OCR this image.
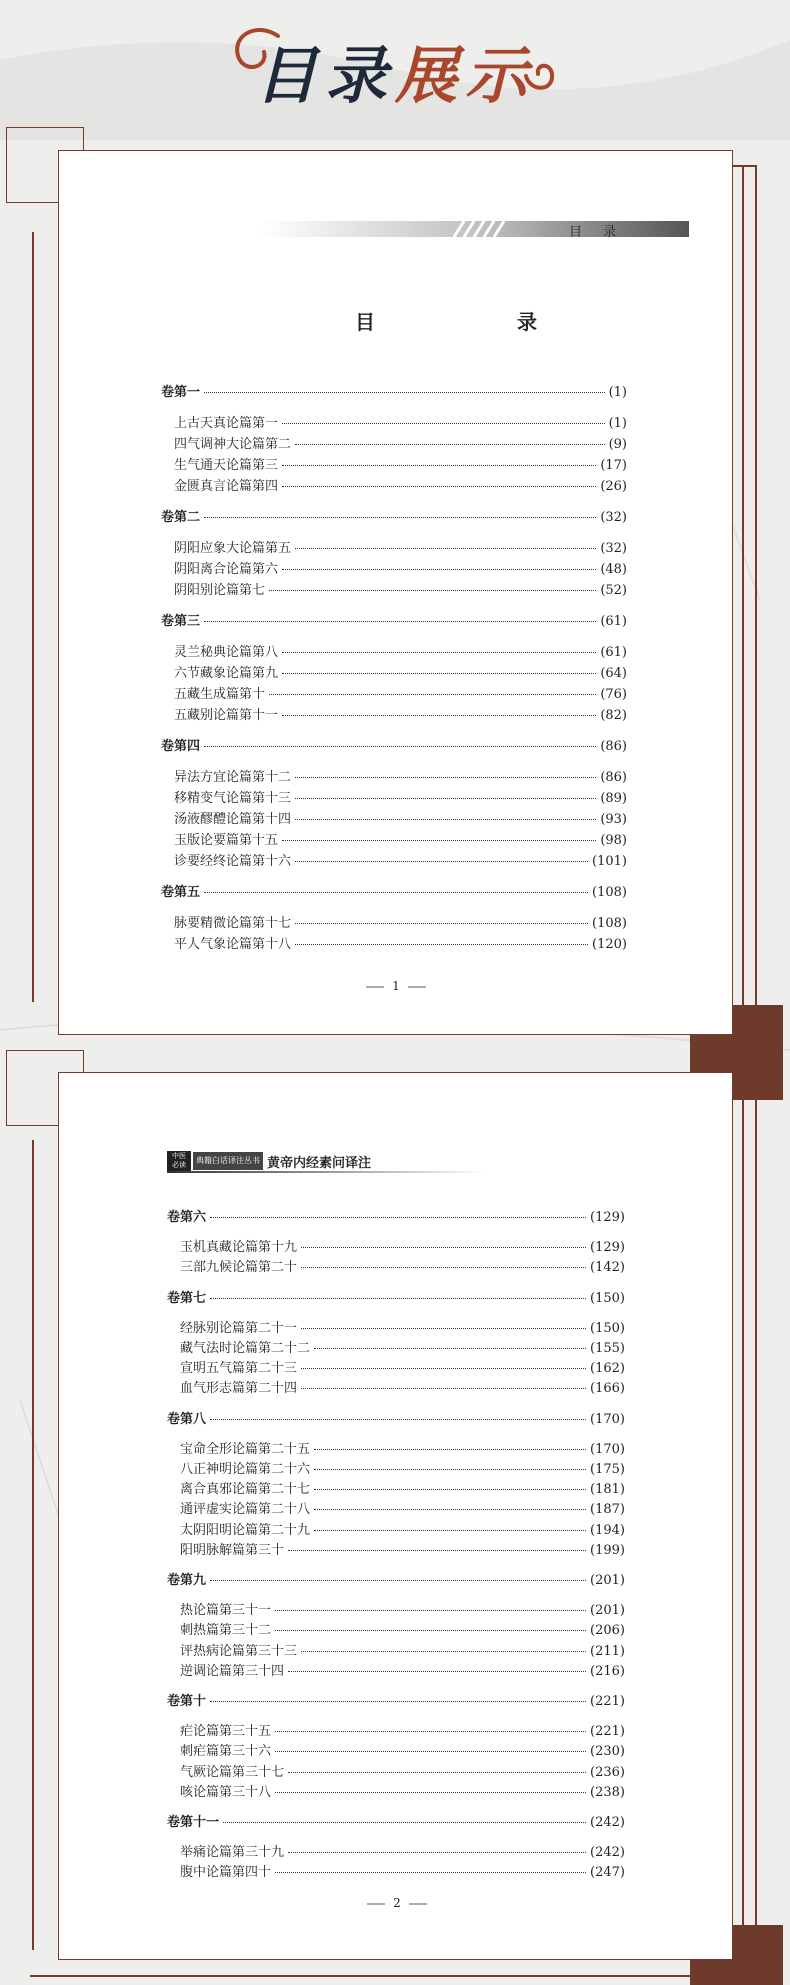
目录展示
目　录
目　　录
卷第一	(1)
上古天真论篇第一	(1)
四气调神大论篇第二	(9)
生气通天论篇第三	(17)
金匮真言论篇第四	(26)
卷第二	(32)
阴阳应象大论篇第五	(32)
阴阳离合论篇第六	(48)
阴阳别论篇第七	(52)
卷第三	(61)
灵兰秘典论篇第八	(61)
六节藏象论篇第九	(64)
五藏生成篇第十	(76)
五藏别论篇第十一	(82)
卷第四	(86)
异法方宜论篇第十二	(86)
移精变气论篇第十三	(89)
汤液醪醴论篇第十四	(93)
玉版论要篇第十五	(98)
诊要经终论篇第十六	(101)
卷第五	(108)
脉要精微论篇第十七	(108)
平人气象论篇第十八	(120)
1
中医必读	典籍白话译注丛书 黄帝内经素问译注
卷第六	(129)
玉机真藏论篇第十九	(129)
三部九候论篇第二十	(142)
卷第七	(150)
经脉别论篇第二十一	(150)
藏气法时论篇第二十二	(155)
宣明五气篇第二十三	(162)
血气形志篇第二十四	(166)
卷第八	(170)
宝命全形论篇第二十五	(170)
八正神明论篇第二十六	(175)
离合真邪论篇第二十七	(181)
通评虚实论篇第二十八	(187)
太阴阳明论篇第二十九	(194)
阳明脉解篇第三十	(199)
卷第九	(201)
热论篇第三十一	(201)
刺热篇第三十二	(206)
评热病论篇第三十三	(211)
逆调论篇第三十四	(216)
卷第十	(221)
疟论篇第三十五	(221)
刺疟篇第三十六	(230)
气厥论篇第三十七	(236)
咳论篇第三十八	(238)
卷第十一	(242)
举痛论篇第三十九	(242)
腹中论篇第四十	(247)
2
